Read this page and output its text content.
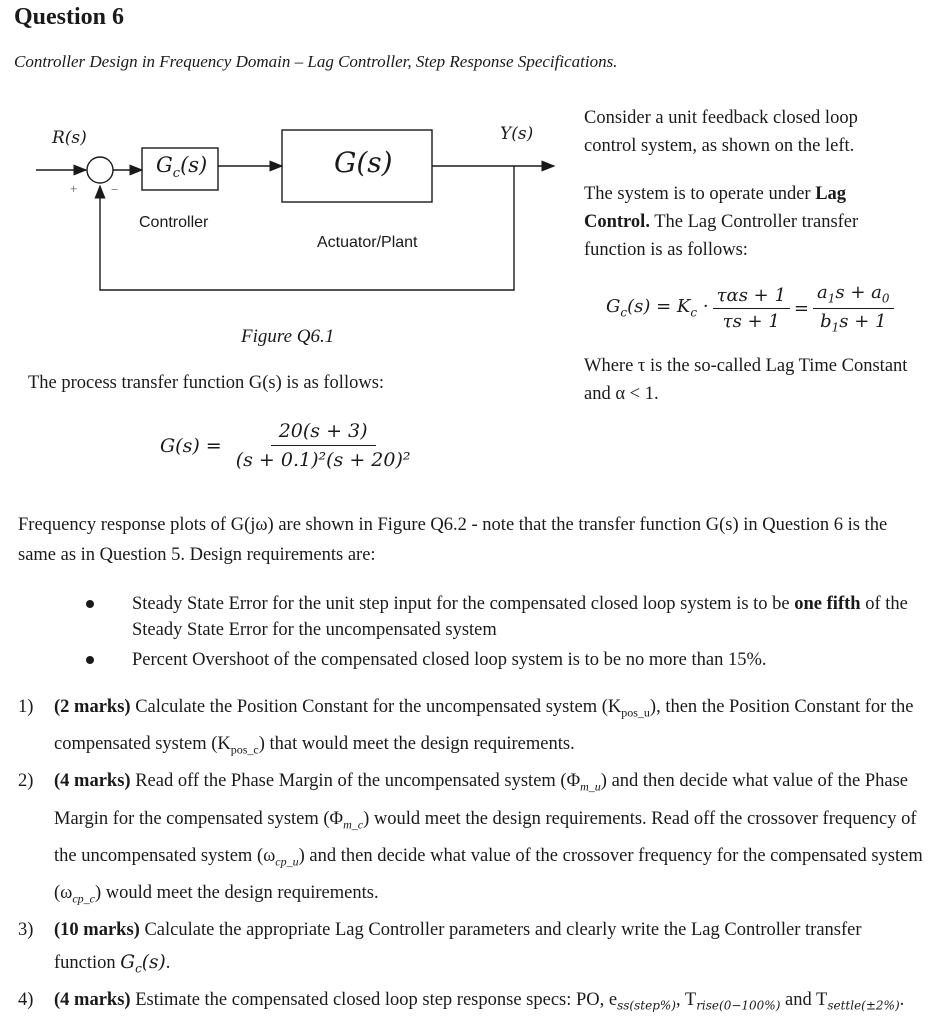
Question 6
Controller Design in Frequency Domain – Lag Controller, Step Response Specifications.
R(s)	Y(s)
+	−
$G_c(s)$	G(s)
Controller
Actuator/Plant
Figure Q6.1
Consider a unit feedback closed loop control system, as shown on the left.
The system is to operate under Lag Control. The Lag Controller transfer function is as follows:
$G_c(s) = K_c \cdot \frac{\text{ταs + 1}}{\tau s + 1} = \frac{a_1s + a_0}{b_1s + 1}$
Where τ is the so-called Lag Time Constant and α < 1.
The process transfer function G(s) is as follows:
$G(s) = \frac{20(s + 3)}{\text{(s + 0.1)²(s + 20)²}}$
Frequency response plots of G(jω) are shown in Figure Q6.2 - note that the transfer function G(s) in Question 6 is the same as in Question 5. Design requirements are:
Steady State Error for the unit step input for the compensated closed loop system is to be one fifth of the Steady State Error for the uncompensated system
Percent Overshoot of the compensated closed loop system is to be no more than 15%.
1) (2 marks) Calculate the Position Constant for the uncompensated system $(K_{pos\_u})$, then the Position Constant for the compensated system $(K_{pos\_c})$ that would meet the design requirements.
2) (4 marks) Read off the Phase Margin of the uncompensated system $(\Phi_{m\_u})$ and then decide what value of the Phase Margin for the compensated system $(\Phi_{m\_c})$ would meet the design requirements. Read off the crossover frequency of the uncompensated system $(\omega_{cp\_u})$ and then decide what value of the crossover frequency for the compensated system $(\omega_{cp\_c})$ would meet the design requirements.
3) (10 marks) Calculate the appropriate Lag Controller parameters and clearly write the Lag Controller transfer function $G_c(s)$.
4) (4 marks) Estimate the compensated closed loop step response specs: PO, $e_{ss(step\%)}$, $T_{rise(0-100\%)}$ and $T_{settle(\pm 2\%)}$.
